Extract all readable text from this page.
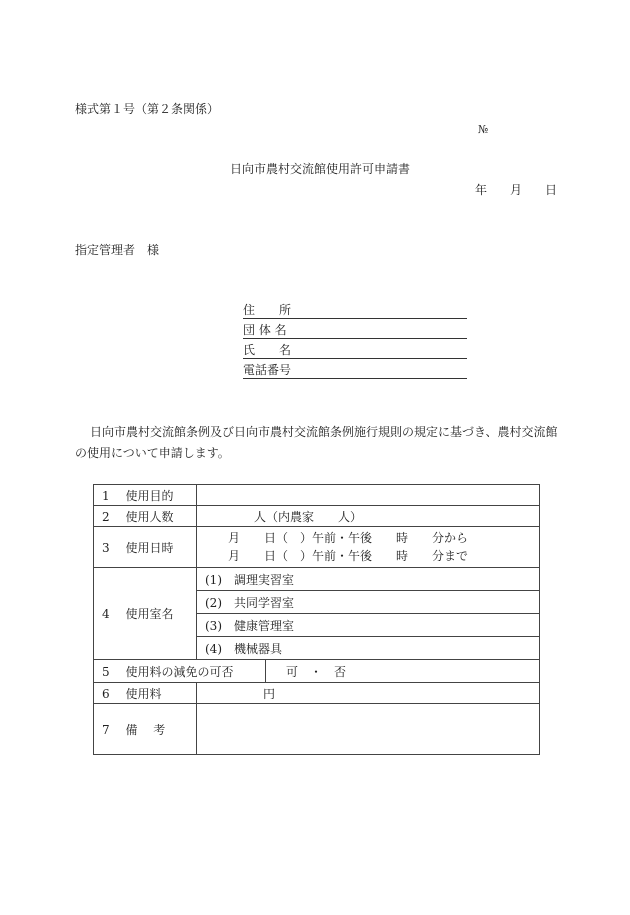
様式第１号（第２条関係）
№
日向市農村交流館使用許可申請書
年 月 日
指定管理者　様
住　　所
団 体 名
氏　　名
電話番号
日向市農村交流館条例及び日向市農村交流館条例施行規則の規定に基づき、農村交流館
の使用について申請します。
1　 使用目的	
2　 使用人数	人（内農家　　人）
3　 使用日時	月　　日（　）午前・午後　　時　　分から
月　　日（　）午前・午後　　時　　分まで

4　 使用室名	(1)　調理実習室
	(2)　共同学習室
	(3)　健康管理室
	(4)　機械器具

5　 使用料の減免の可否 可　・　否	

6　 使用料	円
7　 備　 考	
